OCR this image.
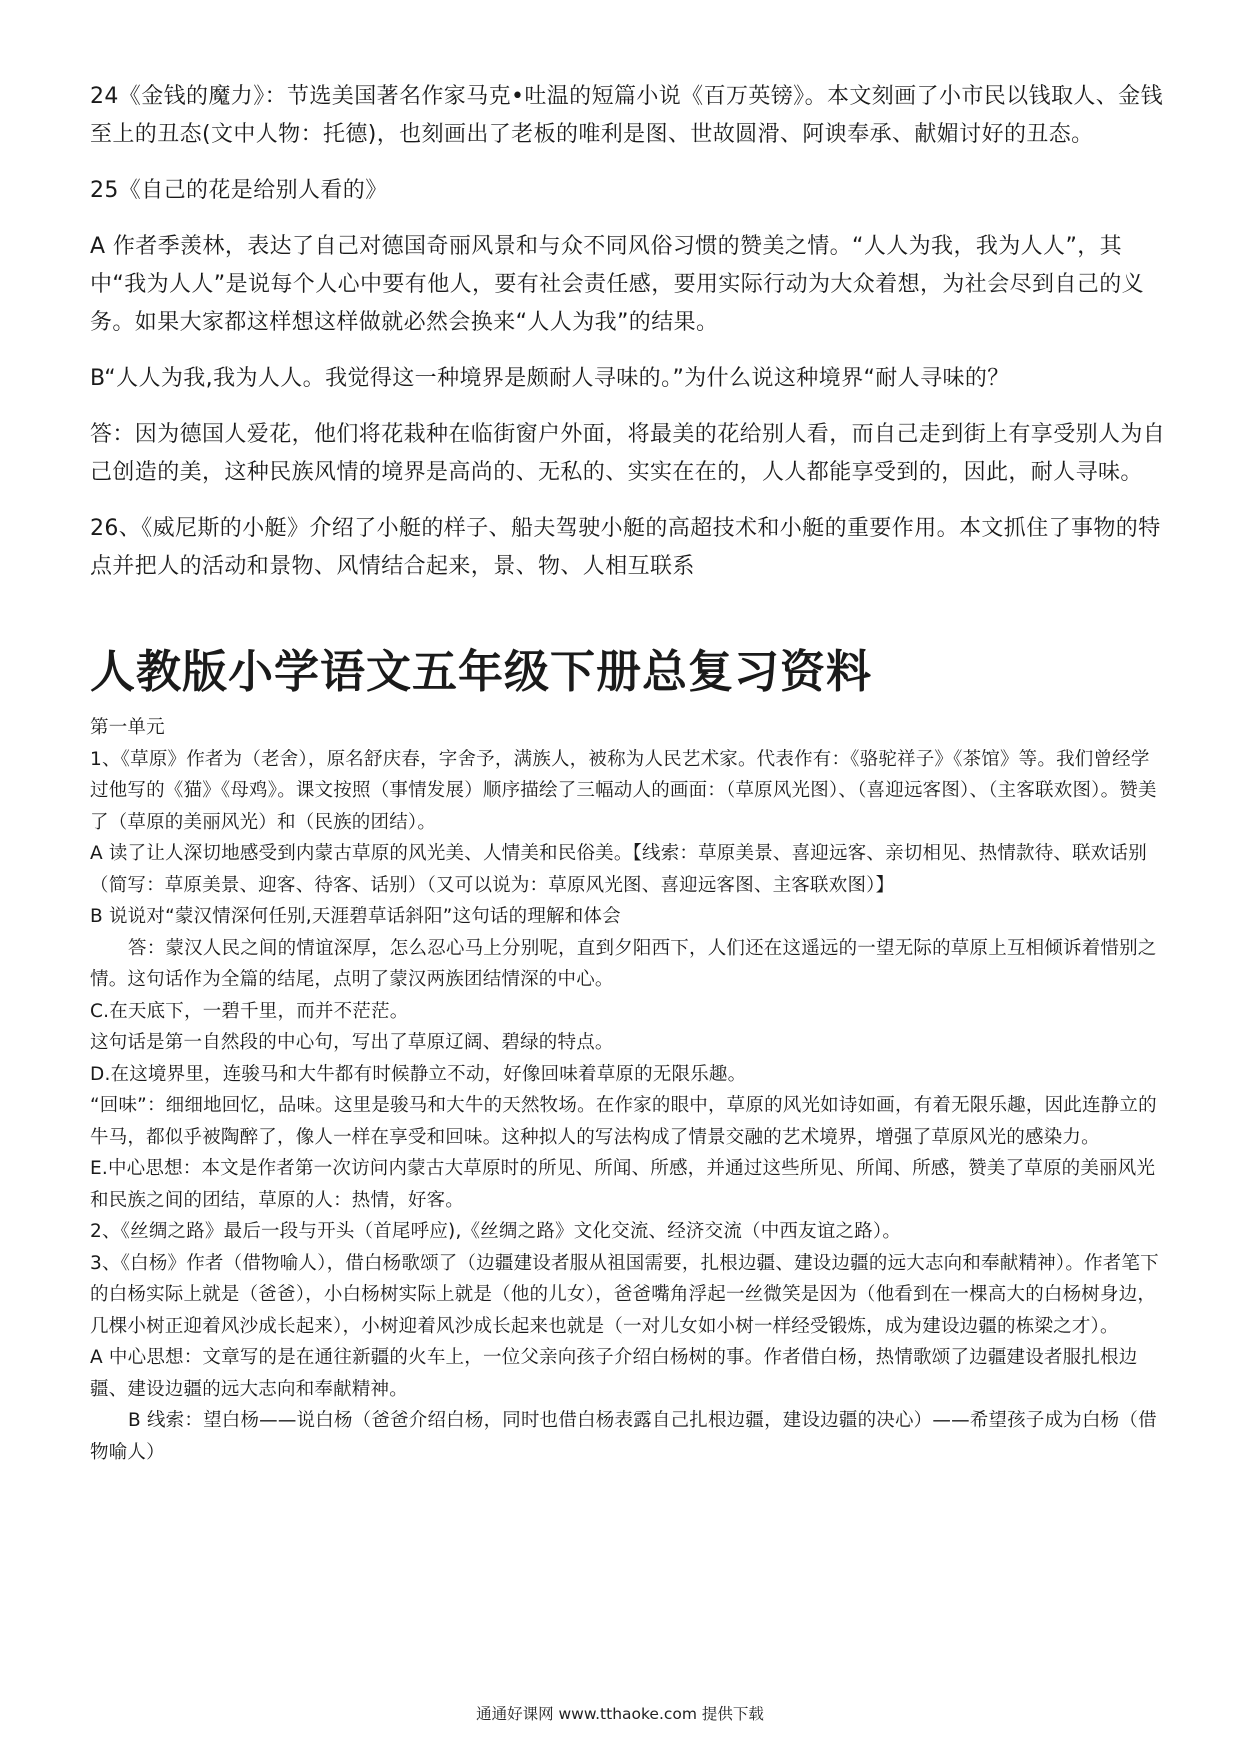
24《金钱的魔力》：节选美国著名作家马克•吐温的短篇小说《百万英镑》。本文刻画了小市民以钱取人、金钱至上的丑态(文中人物：托德)，也刻画出了老板的唯利是图、世故圆滑、阿谀奉承、献媚讨好的丑态。

25《自己的花是给别人看的》

A 作者季羡林，表达了自己对德国奇丽风景和与众不同风俗习惯的赞美之情。“人人为我，我为人人”，其中“我为人人”是说每个人心中要有他人，要有社会责任感，要用实际行动为大众着想，为社会尽到自己的义务。如果大家都这样想这样做就必然会换来“人人为我”的结果。

B“人人为我,我为人人。我觉得这一种境界是颇耐人寻味的。”为什么说这种境界“耐人寻味的？

答：因为德国人爱花，他们将花栽种在临街窗户外面，将最美的花给别人看，而自己走到街上有享受别人为自己创造的美，这种民族风情的境界是高尚的、无私的、实实在在的，人人都能享受到的，因此，耐人寻味。

26、《威尼斯的小艇》介绍了小艇的样子、船夫驾驶小艇的高超技术和小艇的重要作用。本文抓住了事物的特点并把人的活动和景物、风情结合起来，景、物、人相互联系

人教版小学语文五年级下册总复习资料

第一单元

1、《草原》作者为（老舍），原名舒庆春，字舍予，满族人，被称为人民艺术家。代表作有：《骆驼祥子》《茶馆》等。我们曾经学过他写的《猫》《母鸡》。课文按照（事情发展）顺序描绘了三幅动人的画面：（草原风光图）、（喜迎远客图）、（主客联欢图）。赞美了（草原的美丽风光）和（民族的团结）。

A 读了让人深切地感受到内蒙古草原的风光美、人情美和民俗美。【线索：草原美景、喜迎远客、亲切相见、热情款待、联欢话别（简写：草原美景、迎客、待客、话别）（又可以说为：草原风光图、喜迎远客图、主客联欢图）】

B 说说对“蒙汉情深何任别,天涯碧草话斜阳”这句话的理解和体会

答：蒙汉人民之间的情谊深厚，怎么忍心马上分别呢，直到夕阳西下，人们还在这遥远的一望无际的草原上互相倾诉着惜别之情。这句话作为全篇的结尾，点明了蒙汉两族团结情深的中心。

C.在天底下，一碧千里，而并不茫茫。

这句话是第一自然段的中心句，写出了草原辽阔、碧绿的特点。

D.在这境界里，连骏马和大牛都有时候静立不动，好像回味着草原的无限乐趣。

“回味”：细细地回忆，品味。这里是骏马和大牛的天然牧场。在作家的眼中，草原的风光如诗如画，有着无限乐趣，因此连静立的牛马，都似乎被陶醉了，像人一样在享受和回味。这种拟人的写法构成了情景交融的艺术境界，增强了草原风光的感染力。

E.中心思想：本文是作者第一次访问内蒙古大草原时的所见、所闻、所感，并通过这些所见、所闻、所感，赞美了草原的美丽风光和民族之间的团结，草原的人：热情，好客。

2、《丝绸之路》最后一段与开头（首尾呼应),《丝绸之路》文化交流、经济交流（中西友谊之路）。

3、《白杨》作者（借物喻人），借白杨歌颂了（边疆建设者服从祖国需要，扎根边疆、建设边疆的远大志向和奉献精神）。作者笔下的白杨实际上就是（爸爸），小白杨树实际上就是（他的儿女），爸爸嘴角浮起一丝微笑是因为（他看到在一棵高大的白杨树身边，几棵小树正迎着风沙成长起来），小树迎着风沙成长起来也就是（一对儿女如小树一样经受锻炼，成为建设边疆的栋梁之才）。

A 中心思想：文章写的是在通往新疆的火车上，一位父亲向孩子介绍白杨树的事。作者借白杨，热情歌颂了边疆建设者服扎根边疆、建设边疆的远大志向和奉献精神。

B 线索：望白杨——说白杨（爸爸介绍白杨，同时也借白杨表露自己扎根边疆，建设边疆的决心）——希望孩子成为白杨（借物喻人）

通通好课网 www.tthaoke.com 提供下载
